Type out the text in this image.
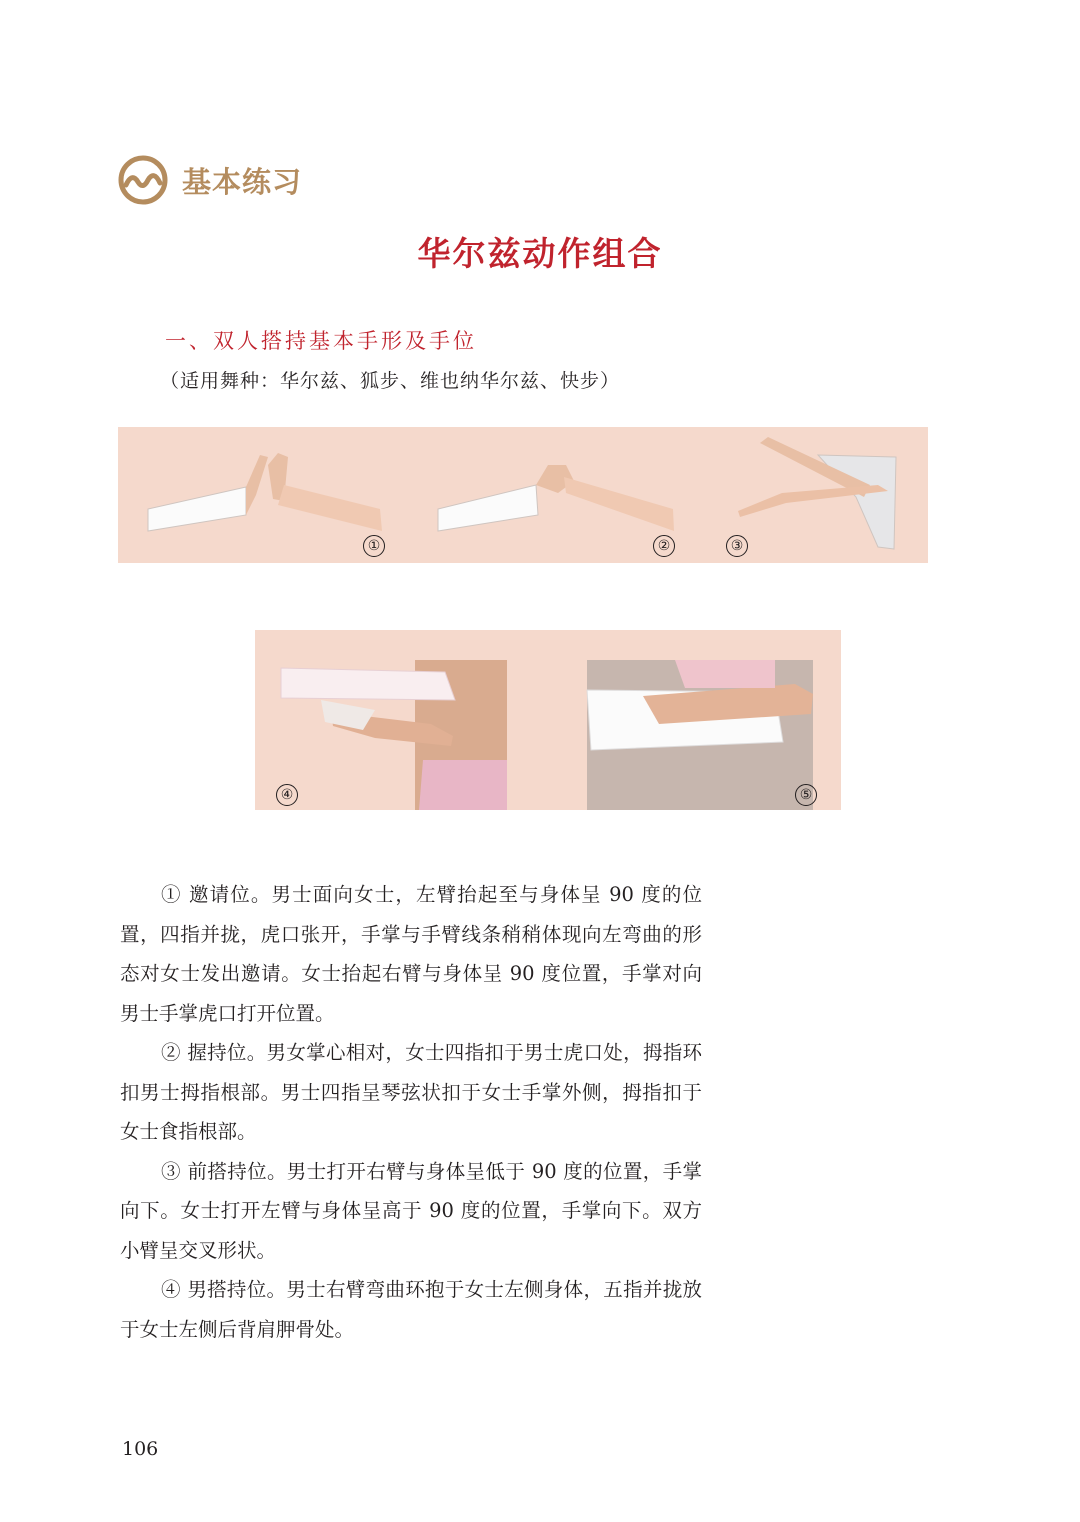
基本练习
华尔兹动作组合
一、双人搭持基本手形及手位
（适用舞种：华尔兹、狐步、维也纳华尔兹、快步）
①	②	③
④	⑤

① 邀请位。男士面向女士，左臂抬起至与身体呈 90 度的位置，四指并拢，虎口张开，手掌与手臂线条稍稍体现向左弯曲的形态对女士发出邀请。女士抬起右臂与身体呈 90 度位置，手掌对向男士手掌虎口打开位置。

② 握持位。男女掌心相对，女士四指扣于男士虎口处，拇指环扣男士拇指根部。男士四指呈琴弦状扣于女士手掌外侧，拇指扣于女士食指根部。

③ 前搭持位。男士打开右臂与身体呈低于 90 度的位置，手掌向下。女士打开左臂与身体呈高于 90 度的位置，手掌向下。双方小臂呈交叉形状。

④ 男搭持位。男士右臂弯曲环抱于女士左侧身体，五指并拢放于女士左侧后背肩胛骨处。

106
